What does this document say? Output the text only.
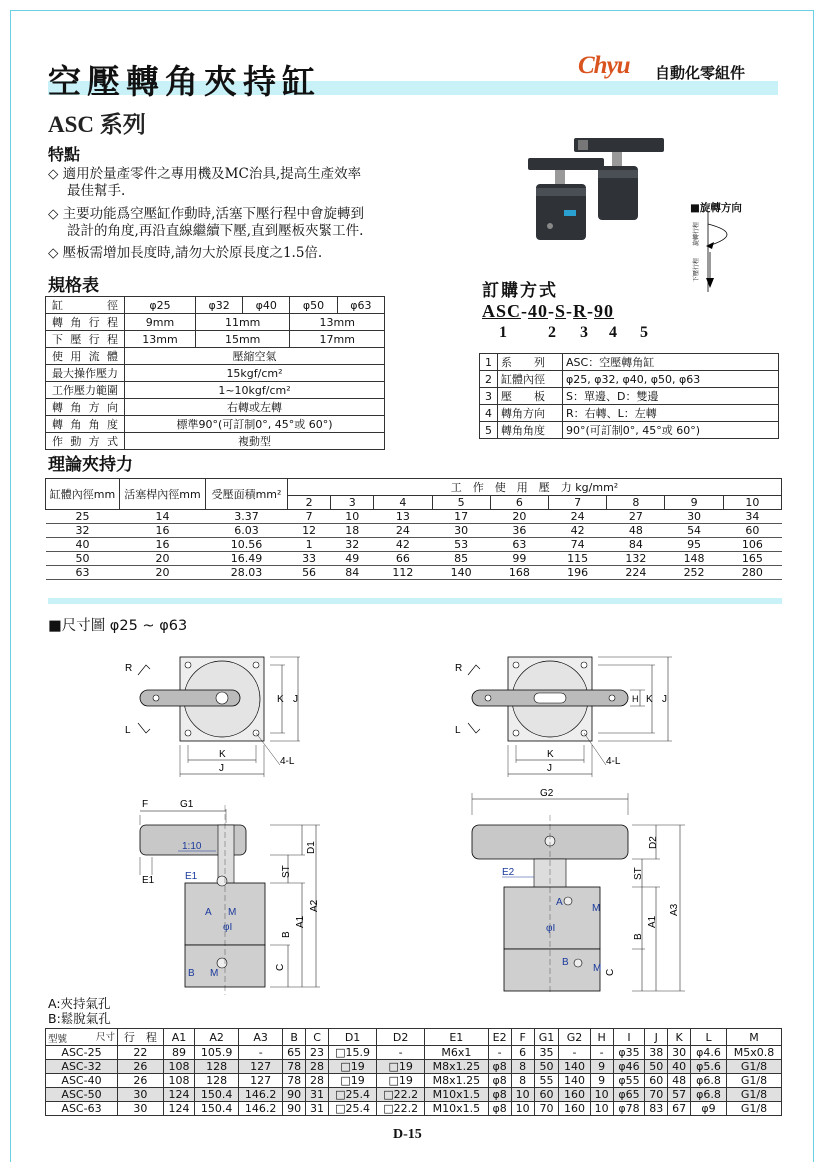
空壓轉角夾持缸	Chyu 自動化零組件
ASC 系列
特點
◇ 適用於量產零件之專用機及MC治具,提高生產效率
最佳幫手.
◇ 主要功能爲空壓缸作動時,活塞下壓行程中會旋轉到
設計的角度,再沿直線繼續下壓,直到壓板夾緊工件.
◇ 壓板需增加長度時,請勿大於原長度之1.5倍.
■旋轉方向
旋轉行程
下壓行程
規格表
缸　　徑	φ25	φ32	φ40	φ50	φ63
轉 角 行 程	9mm	11mm		13mm	
下 壓 行 程	13mm	15mm		17mm	
使 用 流 體	壓縮空氣				
最大操作壓力	15kgf/cm²				
工作壓力範圍	1~10kgf/cm²				
轉 角 方 向	右轉或左轉				
轉 角 角 度	標準90°(可訂制0°, 45°或 60°)				
作 動 方 式	複動型				
訂購方式
ASC-40-S-R-90
1	2 3 4 5
1	系　　列	ASC：空壓轉角缸
2	缸體內徑	φ25, φ32, φ40, φ50, φ63
3	壓　　板	S：單邊、D：雙邊
4	轉角方向	R：右轉、L：左轉
5	轉角角度	90°(可訂制0°, 45°或 60°)
理論夾持力
缸體內徑mm	活塞桿內徑mm	受壓面積mm²	工　作　使　用　壓　力 kg/mm²								
			2	3	4	5	6	7	8	9	10
25	14	3.37	7	10	13	17	20	24	27	30	34
32	16	6.03	12	18	24	30	36	42	48	54	60
40	16	10.56	1	32	42	53	63	74	84	95	106
50	20	16.49	33	49	66	85	99	115	132	148	165
63	20	28.03	56	84	112	140	168	196	224	252	280
■尺寸圖 φ25 ~ φ63
K J
K
J
4-L
R
L
H K J
K
J
4-L
R
L
F	G1
E1
1:10
E1
A M
φI
B M
D1
ST
B
C
A1
A2
G2
E2
A
M
φI
B
M
D2
ST
B
A1
A3
C
A:夾持氣孔
B:鬆脫氣孔
型號 尺寸	行　程	A1	A2	A3	B	C	D1	D2	E1	E2	F	G1	G2	H	I	J	K	L	M
ASC-25	22	89	105.9	-	65	23	□15.9	-	M6x1	-	6	35	-	-	φ35	38	30	φ4.6	M5x0.8
ASC-32	26	108	128	127	78	28	□19	□19	M8x1.25	φ8	8	50	140	9	φ46	50	40	φ5.6	G1/8
ASC-40	26	108	128	127	78	28	□19	□19	M8x1.25	φ8	8	55	140	9	φ55	60	48	φ6.8	G1/8
ASC-50	30	124	150.4	146.2	90	31	□25.4	□22.2	M10x1.5	φ8	10	60	160	10	φ65	70	57	φ6.8	G1/8
ASC-63	30	124	150.4	146.2	90	31	□25.4	□22.2	M10x1.5	φ8	10	70	160	10	φ78	83	67	φ9	G1/8
D-15
